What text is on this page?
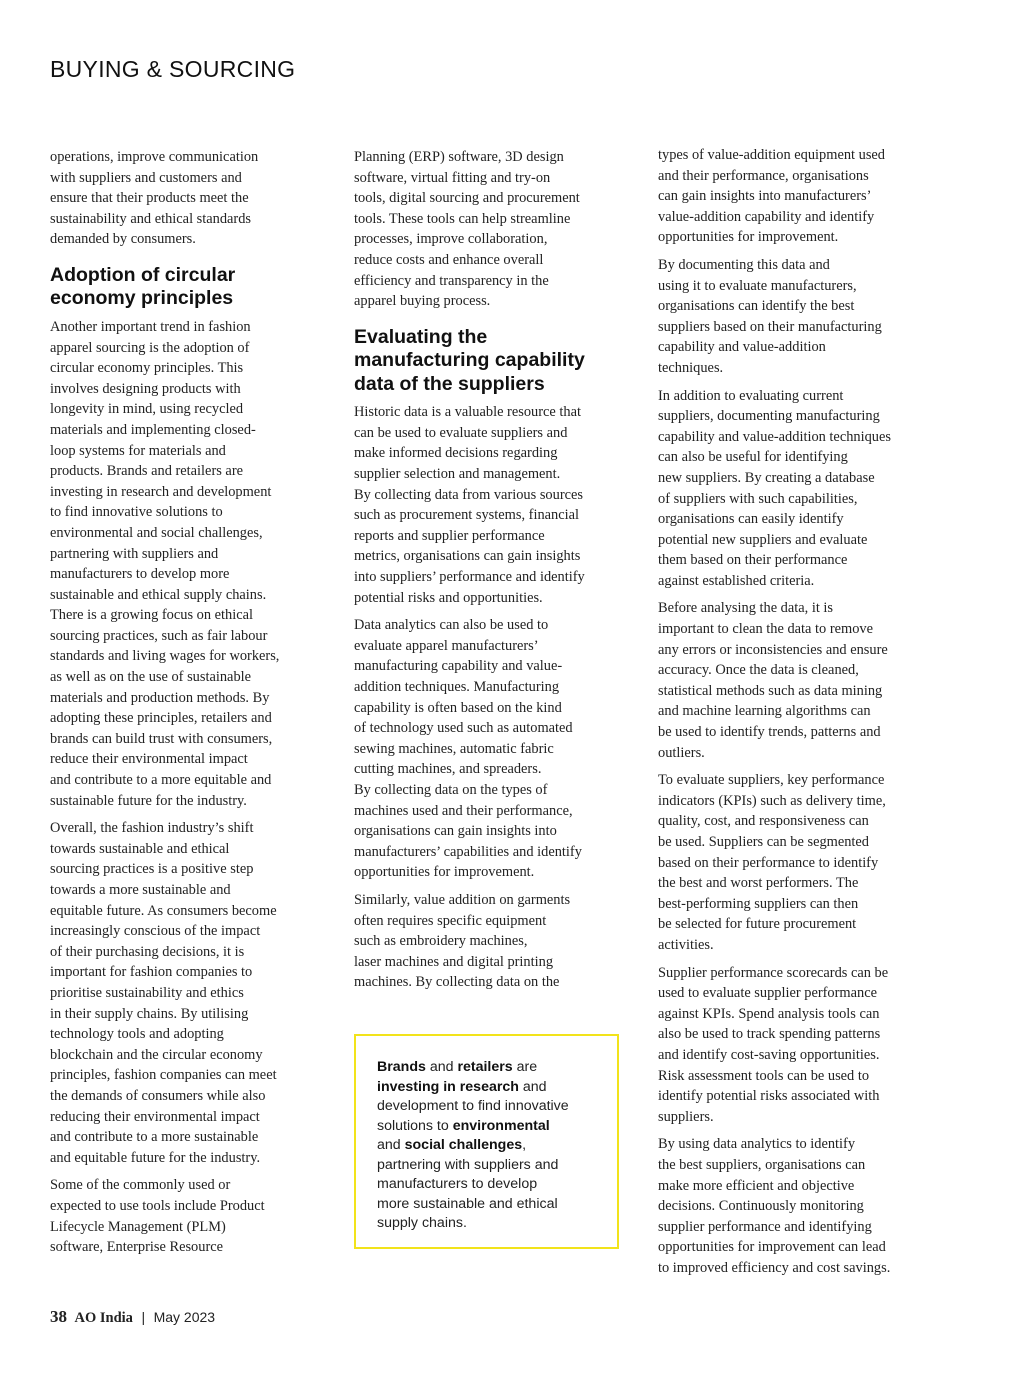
BUYING & SOURCING

operations, improve communication
with suppliers and customers and
ensure that their products meet the
sustainability and ethical standards
demanded by consumers.

Adoption of circular
economy principles

Another important trend in fashion
apparel sourcing is the adoption of
circular economy principles. This
involves designing products with
longevity in mind, using recycled
materials and implementing closed-
loop systems for materials and
products. Brands and retailers are
investing in research and development
to find innovative solutions to
environmental and social challenges,
partnering with suppliers and
manufacturers to develop more
sustainable and ethical supply chains.
There is a growing focus on ethical
sourcing practices, such as fair labour
standards and living wages for workers,
as well as on the use of sustainable
materials and production methods. By
adopting these principles, retailers and
brands can build trust with consumers,
reduce their environmental impact
and contribute to a more equitable and
sustainable future for the industry.

Overall, the fashion industry’s shift
towards sustainable and ethical
sourcing practices is a positive step
towards a more sustainable and
equitable future. As consumers become
increasingly conscious of the impact
of their purchasing decisions, it is
important for fashion companies to
prioritise sustainability and ethics
in their supply chains. By utilising
technology tools and adopting
blockchain and the circular economy
principles, fashion companies can meet
the demands of consumers while also
reducing their environmental impact
and contribute to a more sustainable
and equitable future for the industry.

Some of the commonly used or
expected to use tools include Product
Lifecycle Management (PLM)
software, Enterprise Resource

Planning (ERP) software, 3D design
software, virtual fitting and try-on
tools, digital sourcing and procurement
tools. These tools can help streamline
processes, improve collaboration,
reduce costs and enhance overall
efficiency and transparency in the
apparel buying process.

Evaluating the
manufacturing capability
data of the suppliers

Historic data is a valuable resource that
can be used to evaluate suppliers and
make informed decisions regarding
supplier selection and management.
By collecting data from various sources
such as procurement systems, financial
reports and supplier performance
metrics, organisations can gain insights
into suppliers’ performance and identify
potential risks and opportunities.

Data analytics can also be used to
evaluate apparel manufacturers’
manufacturing capability and value-
addition techniques. Manufacturing
capability is often based on the kind
of technology used such as automated
sewing machines, automatic fabric
cutting machines, and spreaders.
By collecting data on the types of
machines used and their performance,
organisations can gain insights into
manufacturers’ capabilities and identify
opportunities for improvement.

Similarly, value addition on garments
often requires specific equipment
such as embroidery machines,
laser machines and digital printing
machines. By collecting data on the

types of value-addition equipment used
and their performance, organisations
can gain insights into manufacturers’
value-addition capability and identify
opportunities for improvement.

By documenting this data and
using it to evaluate manufacturers,
organisations can identify the best
suppliers based on their manufacturing
capability and value-addition
techniques.

In addition to evaluating current
suppliers, documenting manufacturing
capability and value-addition techniques
can also be useful for identifying
new suppliers. By creating a database
of suppliers with such capabilities,
organisations can easily identify
potential new suppliers and evaluate
them based on their performance
against established criteria.

Before analysing the data, it is
important to clean the data to remove
any errors or inconsistencies and ensure
accuracy. Once the data is cleaned,
statistical methods such as data mining
and machine learning algorithms can
be used to identify trends, patterns and
outliers.

To evaluate suppliers, key performance
indicators (KPIs) such as delivery time,
quality, cost, and responsiveness can
be used. Suppliers can be segmented
based on their performance to identify
the best and worst performers. The
best-performing suppliers can then
be selected for future procurement
activities.

Supplier performance scorecards can be
used to evaluate supplier performance
against KPIs. Spend analysis tools can
also be used to track spending patterns
and identify cost-saving opportunities.
Risk assessment tools can be used to
identify potential risks associated with
suppliers.

By using data analytics to identify
the best suppliers, organisations can
make more efficient and objective
decisions. Continuously monitoring
supplier performance and identifying
opportunities for improvement can lead
to improved efficiency and cost savings.

Brands and retailers are
investing in research and
development to find innovative
solutions to environmental
and social challenges,
partnering with suppliers and
manufacturers to develop
more sustainable and ethical
supply chains.
38 AO India | May 2023
